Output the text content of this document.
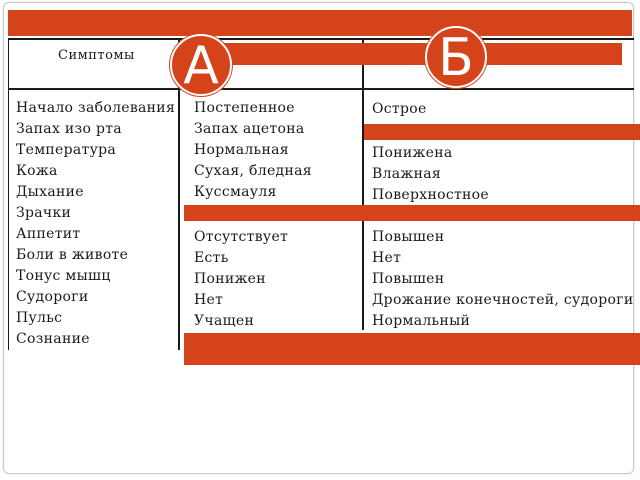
Симптомы
Начало заболевания
Запах изо рта
Температура
Кожа
Дыхание
Зрачки
Аппетит
Боли в животе
Тонус мышц
Судороги
Пульс
Сознание
Постепенное
Запах ацетона
Нормальная
Сухая, бледная
Куссмауля
Отсутствует
Есть
Понижен
Нет
Учащен
Острое
Понижена
Влажная
Поверхностное
Повышен
Нет
Повышен
Дрожание конечностей, судороги
Нормальный
А	Б
